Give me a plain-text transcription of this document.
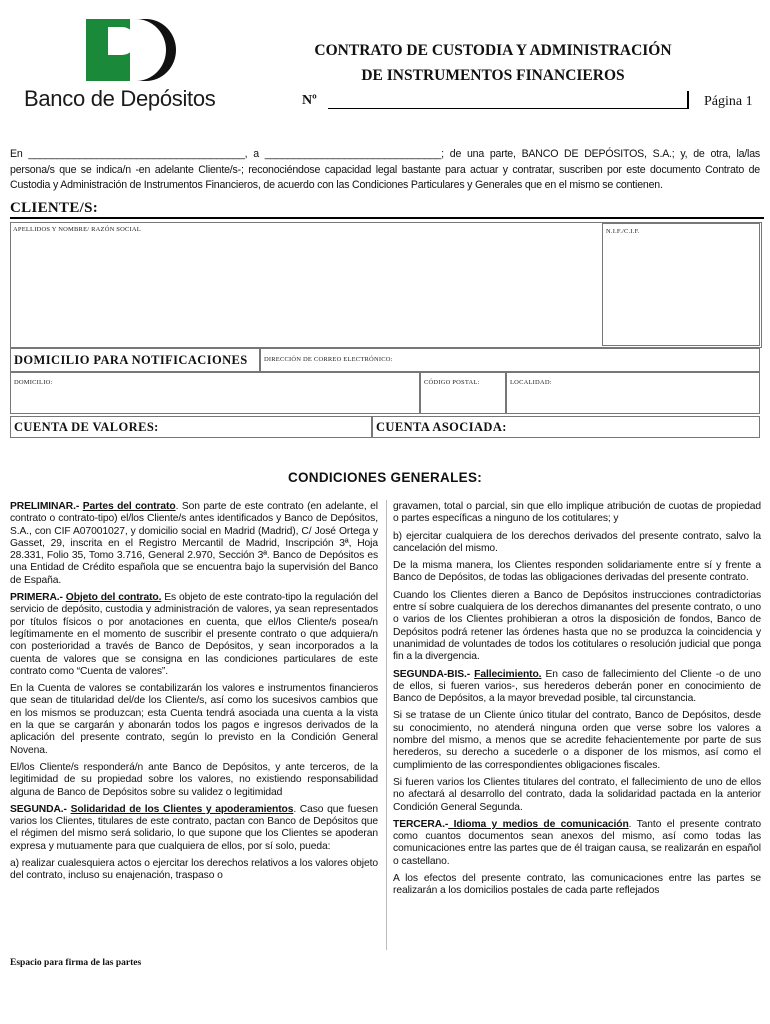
Banco de Depósitos
CONTRATO DE CUSTODIA Y ADMINISTRACIÓN
DE INSTRUMENTOS FINANCIEROS
Nº	Página 1
En ______________________________________, a _______________________________; de una parte, BANCO DE DEPÓSITOS, S.A.; y, de otra, la/las persona/s que se indica/n -en adelante Cliente/s-; reconociéndose capacidad legal bastante para actuar y contratar, suscriben por este documento Contrato de Custodia y Administración de Instrumentos Financieros, de acuerdo con las Condiciones Particulares y Generales que en el mismo se contienen.
CLIENTE/S:
APELLIDOS Y NOMBRE/ RAZÓN SOCIAL	N.I.F./C.I.F.
DOMICILIO PARA NOTIFICACIONES	DIRECCIÓN DE CORREO ELECTRÓNICO:
DOMICILIO:	CÓDIGO POSTAL:	LOCALIDAD:
CUENTA DE VALORES:	CUENTA ASOCIADA:
CONDICIONES GENERALES:

PRELIMINAR.- Partes del contrato. Son parte de este contrato (en adelante, el contrato o contrato-tipo) el/los Cliente/s antes identificados y Banco de Depósitos, S.A., con CIF A07001027, y domicilio social en Madrid (Madrid), C/ José Ortega y Gasset, 29, inscrita en el Registro Mercantil de Madrid, Inscripción 3ª, Hoja 28.331, Folio 35, Tomo 3.716, General 2.970, Sección 3ª. Banco de Depósitos es una Entidad de Crédito española que se encuentra bajo la supervisión del Banco de España.

PRIMERA.- Objeto del contrato. Es objeto de este contrato-tipo la regulación del servicio de depósito, custodia y administración de valores, ya sean representados por títulos físicos o por anotaciones en cuenta, que el/los Cliente/s posea/n legítimamente en el momento de suscribir el presente contrato o que adquiera/n con posterioridad a través de Banco de Depósitos, y sean incorporados a la cuenta de valores que se consigna en las condiciones particulares de este contrato como “Cuenta de valores”.

En la Cuenta de valores se contabilizarán los valores e instrumentos financieros que sean de titularidad del/de los Cliente/s, así como los sucesivos cambios que en los mismos se produzcan; esta Cuenta tendrá asociada una cuenta a la vista en la que se cargarán y abonarán todos los pagos e ingresos derivados de la aplicación del presente contrato, según lo previsto en la Condición General Novena.

El/los Cliente/s responderá/n ante Banco de Depósitos, y ante terceros, de la legitimidad de su propiedad sobre los valores, no existiendo responsabilidad alguna de Banco de Depósitos sobre su validez o legitimidad

SEGUNDA.- Solidaridad de los Clientes y apoderamientos. Caso que fuesen varios los Clientes, titulares de este contrato, pactan con Banco de Depósitos que el régimen del mismo será solidario, lo que supone que los Clientes se apoderan expresa y mutuamente para que cualquiera de ellos, por sí solo, pueda:

a) realizar cualesquiera actos o ejercitar los derechos relativos a los valores objeto del contrato, incluso su enajenación, traspaso o

gravamen, total o parcial, sin que ello implique atribución de cuotas de propiedad o partes específicas a ninguno de los cotitulares; y

b) ejercitar cualquiera de los derechos derivados del presente contrato, salvo la cancelación del mismo.

De la misma manera, los Clientes responden solidariamente entre sí y frente a Banco de Depósitos, de todas las obligaciones derivadas del presente contrato.

Cuando los Clientes dieren a Banco de Depósitos instrucciones contradictorias entre sí sobre cualquiera de los derechos dimanantes del presente contrato, o uno o varios de los Clientes prohibieran a otros la disposición de fondos, Banco de Depósitos podrá retener las órdenes hasta que no se produzca la coincidencia y unanimidad de voluntades de todos los cotitulares o resolución judicial que ponga fin a la divergencia.

SEGUNDA-BIS.- Fallecimiento. En caso de fallecimiento del Cliente -o de uno de ellos, si fueren varios-, sus herederos deberán poner en conocimiento de Banco de Depósitos, a la mayor brevedad posible, tal circunstancia.

Si se tratase de un Cliente único titular del contrato, Banco de Depósitos, desde su conocimiento, no atenderá ninguna orden que verse sobre los valores a nombre del mismo, a menos que se acredite fehacientemente por parte de sus herederos, su derecho a sucederle o a disponer de los mismos, así como el cumplimiento de las correspondientes obligaciones fiscales.

Si fueren varios los Clientes titulares del contrato, el fallecimiento de uno de ellos no afectará al desarrollo del contrato, dada la solidaridad pactada en la anterior Condición General Segunda.

TERCERA.- Idioma y medios de comunicación. Tanto el presente contrato como cuantos documentos sean anexos del mismo, así como todas las comunicaciones entre las partes que de él traigan causa, se realizarán en español o castellano.

A los efectos del presente contrato, las comunicaciones entre las partes se realizarán a los domicilios postales de cada parte reflejados

Espacio para firma de las partes
